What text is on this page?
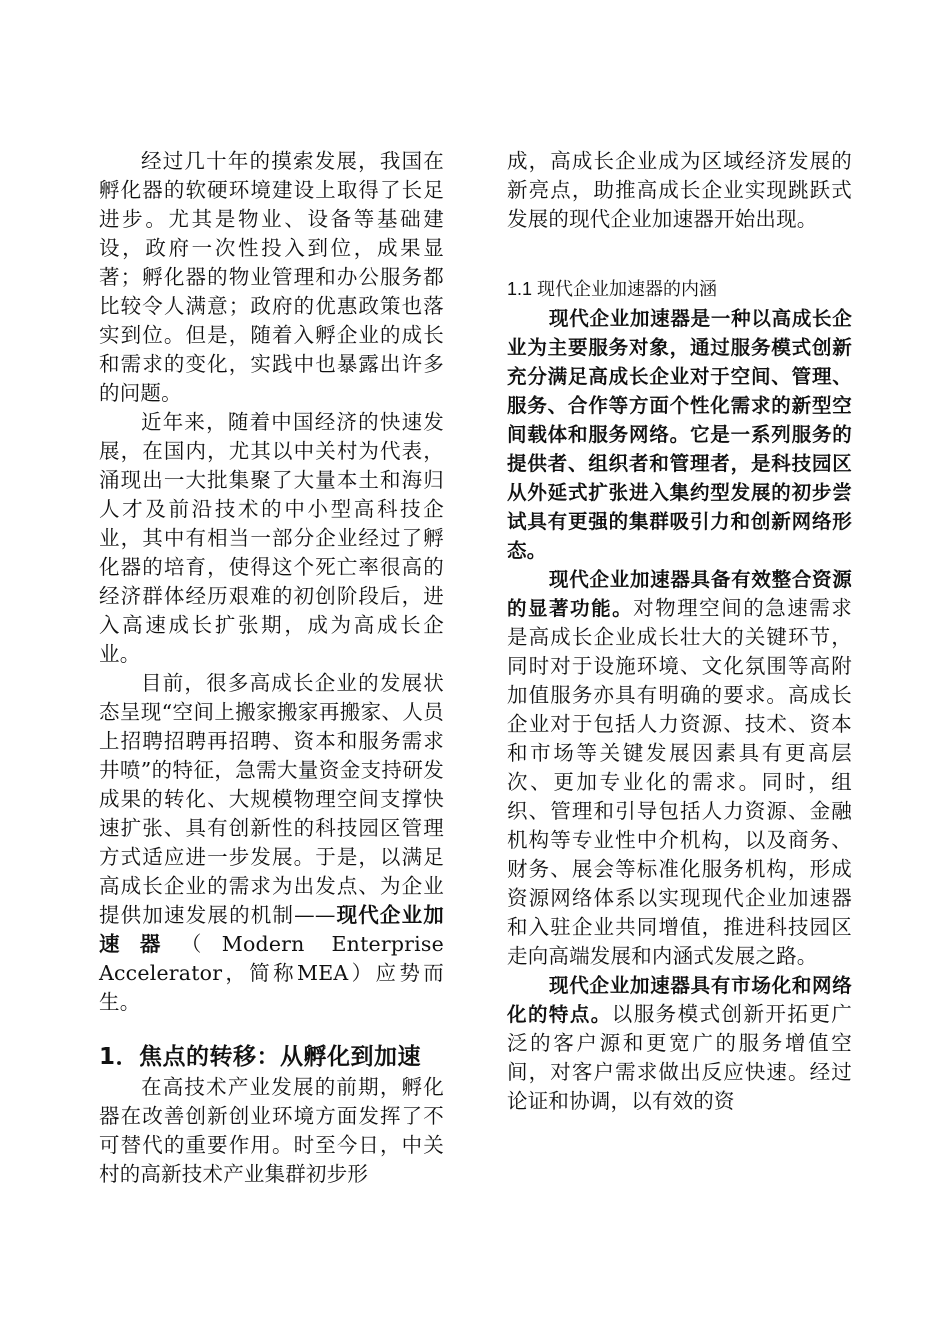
经过几十年的摸索发展，我国在孵化器的软硬环境建设上取得了长足进步。尤其是物业、设备等基础建设，政府一次性投入到位，成果显著；孵化器的物业管理和办公服务都比较令人满意；政府的优惠政策也落实到位。但是，随着入孵企业的成长和需求的变化，实践中也暴露出许多的问题。

近年来，随着中国经济的快速发展，在国内，尤其以中关村为代表，涌现出一大批集聚了大量本土和海归人才及前沿技术的中小型高科技企业，其中有相当一部分企业经过了孵化器的培育，使得这个死亡率很高的经济群体经历艰难的初创阶段后，进入高速成长扩张期，成为高成长企业。

目前，很多高成长企业的发展状态呈现“空间上搬家搬家再搬家、人员上招聘招聘再招聘、资本和服务需求井喷”的特征，急需大量资金支持研发成果的转化、大规模物理空间支撑快速扩张、具有创新性的科技园区管理方式适应进一步发展。于是，以满足高成长企业的需求为出发点、为企业提供加速发展的机制——现代企业加速器（Modern Enterprise Accelerator，简称MEA）应势而生。

1．焦点的转移：从孵化到加速

在高技术产业发展的前期，孵化器在改善创新创业环境方面发挥了不可替代的重要作用。时至今日，中关村的高新技术产业集群初步形

成，高成长企业成为区域经济发展的新亮点，助推高成长企业实现跳跃式发展的现代企业加速器开始出现。

1.1 现代企业加速器的内涵

现代企业加速器是一种以高成长企业为主要服务对象，通过服务模式创新充分满足高成长企业对于空间、管理、服务、合作等方面个性化需求的新型空间载体和服务网络。它是一系列服务的提供者、组织者和管理者，是科技园区从外延式扩张进入集约型发展的初步尝试具有更强的集群吸引力和创新网络形态。

现代企业加速器具备有效整合资源的显著功能。对物理空间的急速需求是高成长企业成长壮大的关键环节，同时对于设施环境、文化氛围等高附加值服务亦具有明确的要求。高成长企业对于包括人力资源、技术、资本和市场等关键发展因素具有更高层次、更加专业化的需求。同时，组织、管理和引导包括人力资源、金融机构等专业性中介机构，以及商务、财务、展会等标准化服务机构，形成资源网络体系以实现现代企业加速器和入驻企业共同增值，推进科技园区走向高端发展和内涵式发展之路。

现代企业加速器具有市场化和网络化的特点。以服务模式创新开拓更广泛的客户源和更宽广的服务增值空间，对客户需求做出反应快速。经过论证和协调，以有效的资
